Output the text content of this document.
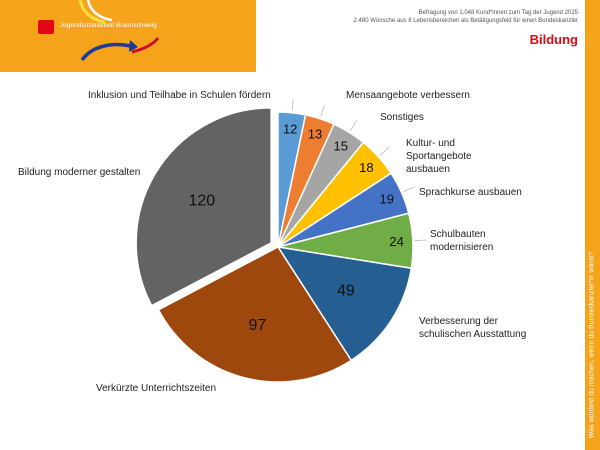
Jugendsozialarbeit Braunschweig
Befragung von 1.048 Kund*innen zum Tag der Jugend 2025
2.480 Wünsche aus 8 Lebensbereichen als Betätigungsfeld für einen Bundeskanzler
Bildung
12 13
15
18
19
24
49
97
120
Inklusion und Teilhabe in Schulen fördern	Mensaangebote verbessern
Sonstiges
Kultur- und Sportangebote ausbauen
Sprachkurse ausbauen
Schulbauten modernisieren
Verbesserung der schulischen Ausstattung
Verkürzte Unterrichtszeiten
Bildung moderner gestalten
Was würdest du machen, wenn du Bundeskanzler*in wärst?
